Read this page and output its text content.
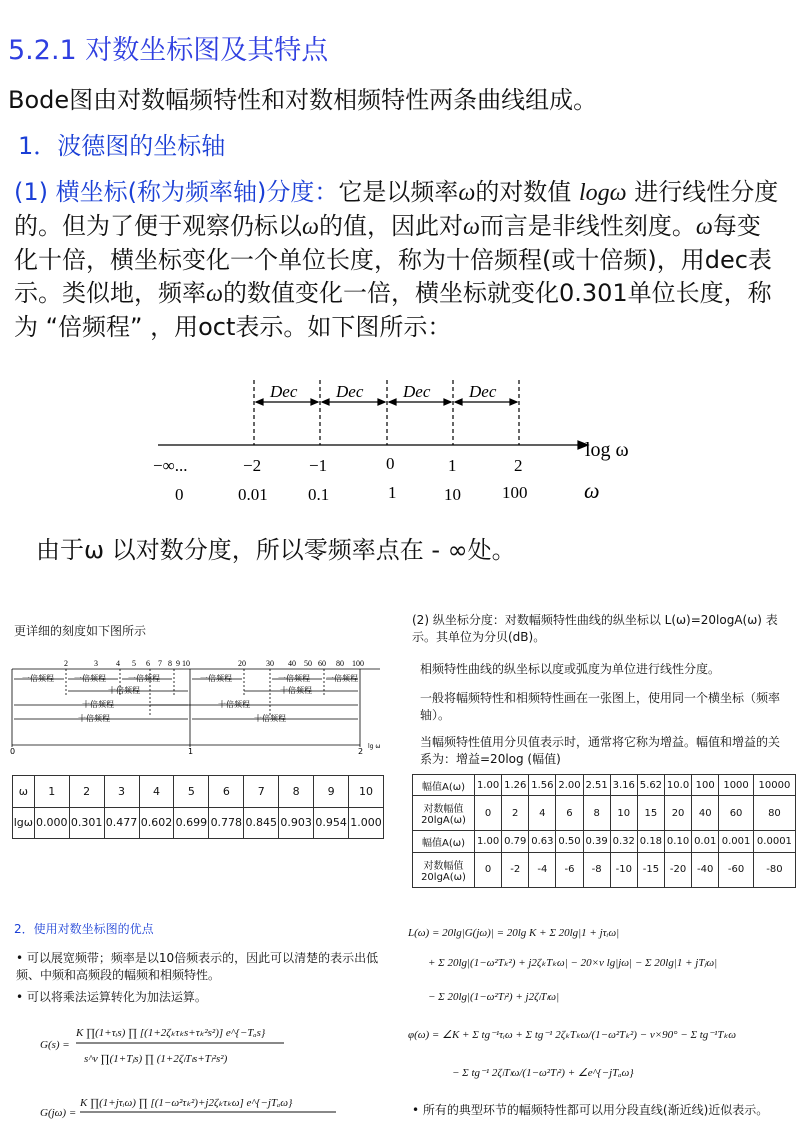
5.2.1 对数坐标图及其特点
Bode图由对数幅频特性和对数相频特性两条曲线组成。
1．波德图的坐标轴
(1) 横坐标(称为频率轴)分度：它是以频率ω的对数值 logω 进行线性分度的。但为了便于观察仍标以ω的值，因此对ω而言是非线性刻度。ω每变化十倍，横坐标变化一个单位长度，称为十倍频程(或十倍频)，用dec表示。类似地，频率ω的数值变化一倍，横坐标就变化0.301单位长度，称为 “倍频程” ，用oct表示。如下图所示：
Dec Dec Dec Dec
log ω
−∞...	−2	−1	0	1	2
0	0.01 0.1	1	10 100	ω
由于ω 以对数分度，所以零频率点在 - ∞处。
更详细的刻度如下图所示
2	3 4 5 6 7 8 9 10	20	30 40 50 60 80 100
一倍频程	一倍频程	一倍频程	一倍频程	一倍频程 一倍频程
十倍频程	十倍频程
十倍频程	十倍频程
十倍频程	十倍频程
0	1	2
lg ω
ω	1	2	3	4	5	6	7	8	9	10
lgω	0.000	0.301	0.477	0.602	0.699	0.778	0.845	0.903	0.954	1.000
(2) 纵坐标分度：对数幅频特性曲线的纵坐标以 L(ω)=20logA(ω) 表示。其单位为分贝(dB)。
相频特性曲线的纵坐标以度或弧度为单位进行线性分度。
一般将幅频特性和相频特性画在一张图上，使用同一个横坐标（频率轴）。
当幅频特性值用分贝值表示时，通常将它称为增益。幅值和增益的关系为：增益=20log (幅值)
幅值A(ω)	1.00	1.26	1.56	2.00	2.51	3.16	5.62	10.0	100	1000	10000
对数幅值20lgA(ω)	0	2	4	6	8	10	15	20	40	60	80
幅值A(ω)	1.00	0.79	0.63	0.50	0.39	0.32	0.18	0.10	0.01	0.001	0.0001
对数幅值20lgA(ω)	0	-2	-4	-6	-8	-10	-15	-20	-40	-60	-80
2．使用对数坐标图的优点
• 可以展宽频带；频率是以10倍频表示的，因此可以清楚的表示出低频、中频和高频段的幅频和相频特性。
• 可以将乘法运算转化为加法运算。
G(s) =
K ∏(1+τᵢs) ∏ [(1+2ζₖτₖs+τₖ²s²)] e^{−Tₐs}
s^v ∏(1+Tⱼs) ∏ (1+2ζₗTₗs+Tₗ²s²)
G(jω) =
K ∏(1+jτᵢω) ∏ [(1−ω²τₖ²)+j2ζₖτₖω] e^{−jTₐω}
L(ω) = 20lg|G(jω)| = 20lg K + Σ 20lg|1 + jτᵢω|
+ Σ 20lg|(1−ω²Tₖ²) + j2ζₖTₖω| − 20×v lg|jω| − Σ 20lg|1 + jTⱼω|
− Σ 20lg|(1−ω²Tₗ²) + j2ζₗTₗω|
φ(ω) = ∠K + Σ tg⁻¹τᵢω + Σ tg⁻¹ 2ζₖTₖω/(1−ω²Tₖ²) − v×90° − Σ tg⁻¹Tₖω
− Σ tg⁻¹ 2ζₗTₗω/(1−ω²Tₗ²) + ∠e^{−jTₐω}
• 所有的典型环节的幅频特性都可以用分段直线(渐近线)近似表示。
